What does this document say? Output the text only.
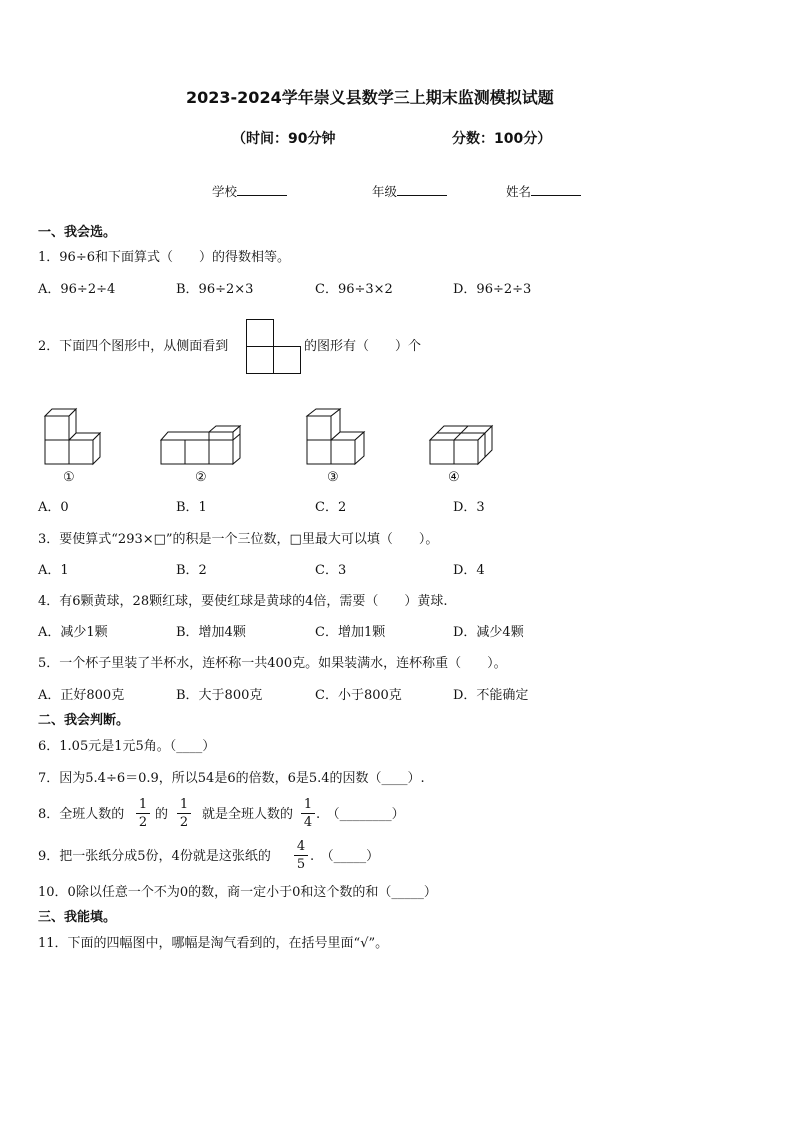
2023-2024学年崇义县数学三上期末监测模拟试题
（时间：90分钟	分数：100分）
学校	年级	姓名
一、我会选。
1．96÷6和下面算式（　　）的得数相等。
A．96÷2÷4	B．96÷2×3	C．96÷3×2	D．96÷2÷3
2．下面四个图形中，从侧面看到	的图形有（　　）个
①	②	③	④
A．0	B．1	C．2	D．3
3．要使算式“293×□”的积是一个三位数，□里最大可以填（　　）。
A．1	B．2	C．3	D．4
4．有6颗黄球，28颗红球，要使红球是黄球的4倍，需要（　　）黄球.
A．减少1颗	B．增加4颗	C．增加1颗	D．减少4颗
5．一个杯子里装了半杯水，连杯称一共400克。如果装满水，连杯称重（　　）。
A．正好800克	B．大于800克	C．小于800克	D．不能确定
二、我会判断。
6．1.05元是1元5角。（____）
7．因为5.4÷6＝0.9，所以54是6的倍数，6是5.4的因数（____）.
8．全班人数的
1
2
的
1
2
就是全班人数的
1
4
.　（________）
9．把一张纸分成5份，4份就是这张纸的
4
5
.　（_____）
10．0除以任意一个不为0的数，商一定小于0和这个数的和（_____）
三、我能填。
11．下面的四幅图中，哪幅是淘气看到的，在括号里面“√”。
